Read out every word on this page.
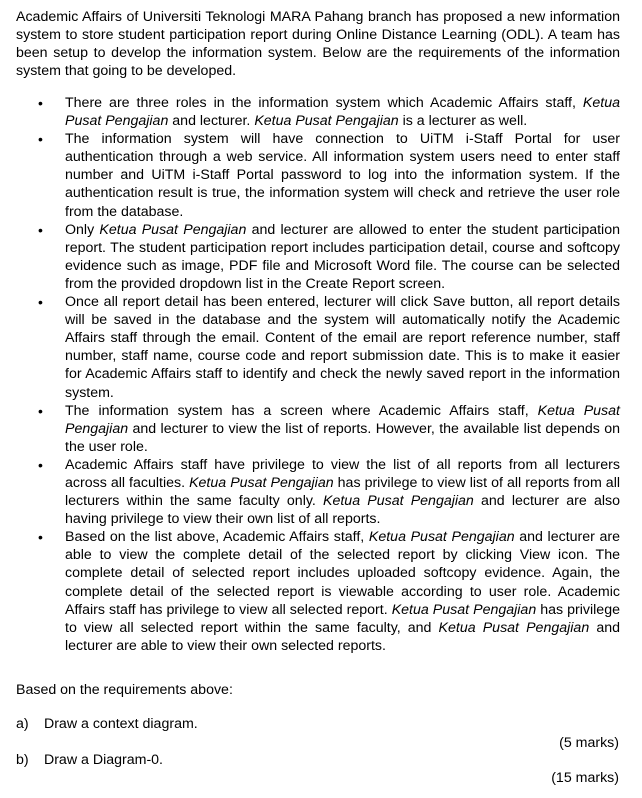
Academic Affairs of Universiti Teknologi MARA Pahang branch has proposed a new information system to store student participation report during Online Distance Learning (ODL). A team has been setup to develop the information system. Below are the requirements of the information system that going to be developed.

• There are three roles in the information system which Academic Affairs staff, Ketua Pusat Pengajian and lecturer. Ketua Pusat Pengajian is a lecturer as well.
• The information system will have connection to UiTM i-Staff Portal for user authentication through a web service. All information system users need to enter staff number and UiTM i-Staff Portal password to log into the information system. If the authentication result is true, the information system will check and retrieve the user role from the database.
• Only Ketua Pusat Pengajian and lecturer are allowed to enter the student participation report. The student participation report includes participation detail, course and softcopy evidence such as image, PDF file and Microsoft Word file. The course can be selected from the provided dropdown list in the Create Report screen.
• Once all report detail has been entered, lecturer will click Save button, all report details will be saved in the database and the system will automatically notify the Academic Affairs staff through the email. Content of the email are report reference number, staff number, staff name, course code and report submission date. This is to make it easier for Academic Affairs staff to identify and check the newly saved report in the information system.
• The information system has a screen where Academic Affairs staff, Ketua Pusat Pengajian and lecturer to view the list of reports. However, the available list depends on the user role.
• Academic Affairs staff have privilege to view the list of all reports from all lecturers across all faculties. Ketua Pusat Pengajian has privilege to view list of all reports from all lecturers within the same faculty only. Ketua Pusat Pengajian and lecturer are also having privilege to view their own list of all reports.
• Based on the list above, Academic Affairs staff, Ketua Pusat Pengajian and lecturer are able to view the complete detail of the selected report by clicking View icon. The complete detail of selected report includes uploaded softcopy evidence. Again, the complete detail of the selected report is viewable according to user role. Academic Affairs staff has privilege to view all selected report. Ketua Pusat Pengajian has privilege to view all selected report within the same faculty, and Ketua Pusat Pengajian and lecturer are able to view their own selected reports.

Based on the requirements above:

a) Draw a context diagram.

(5 marks)

b) Draw a Diagram-0.

(15 marks)
